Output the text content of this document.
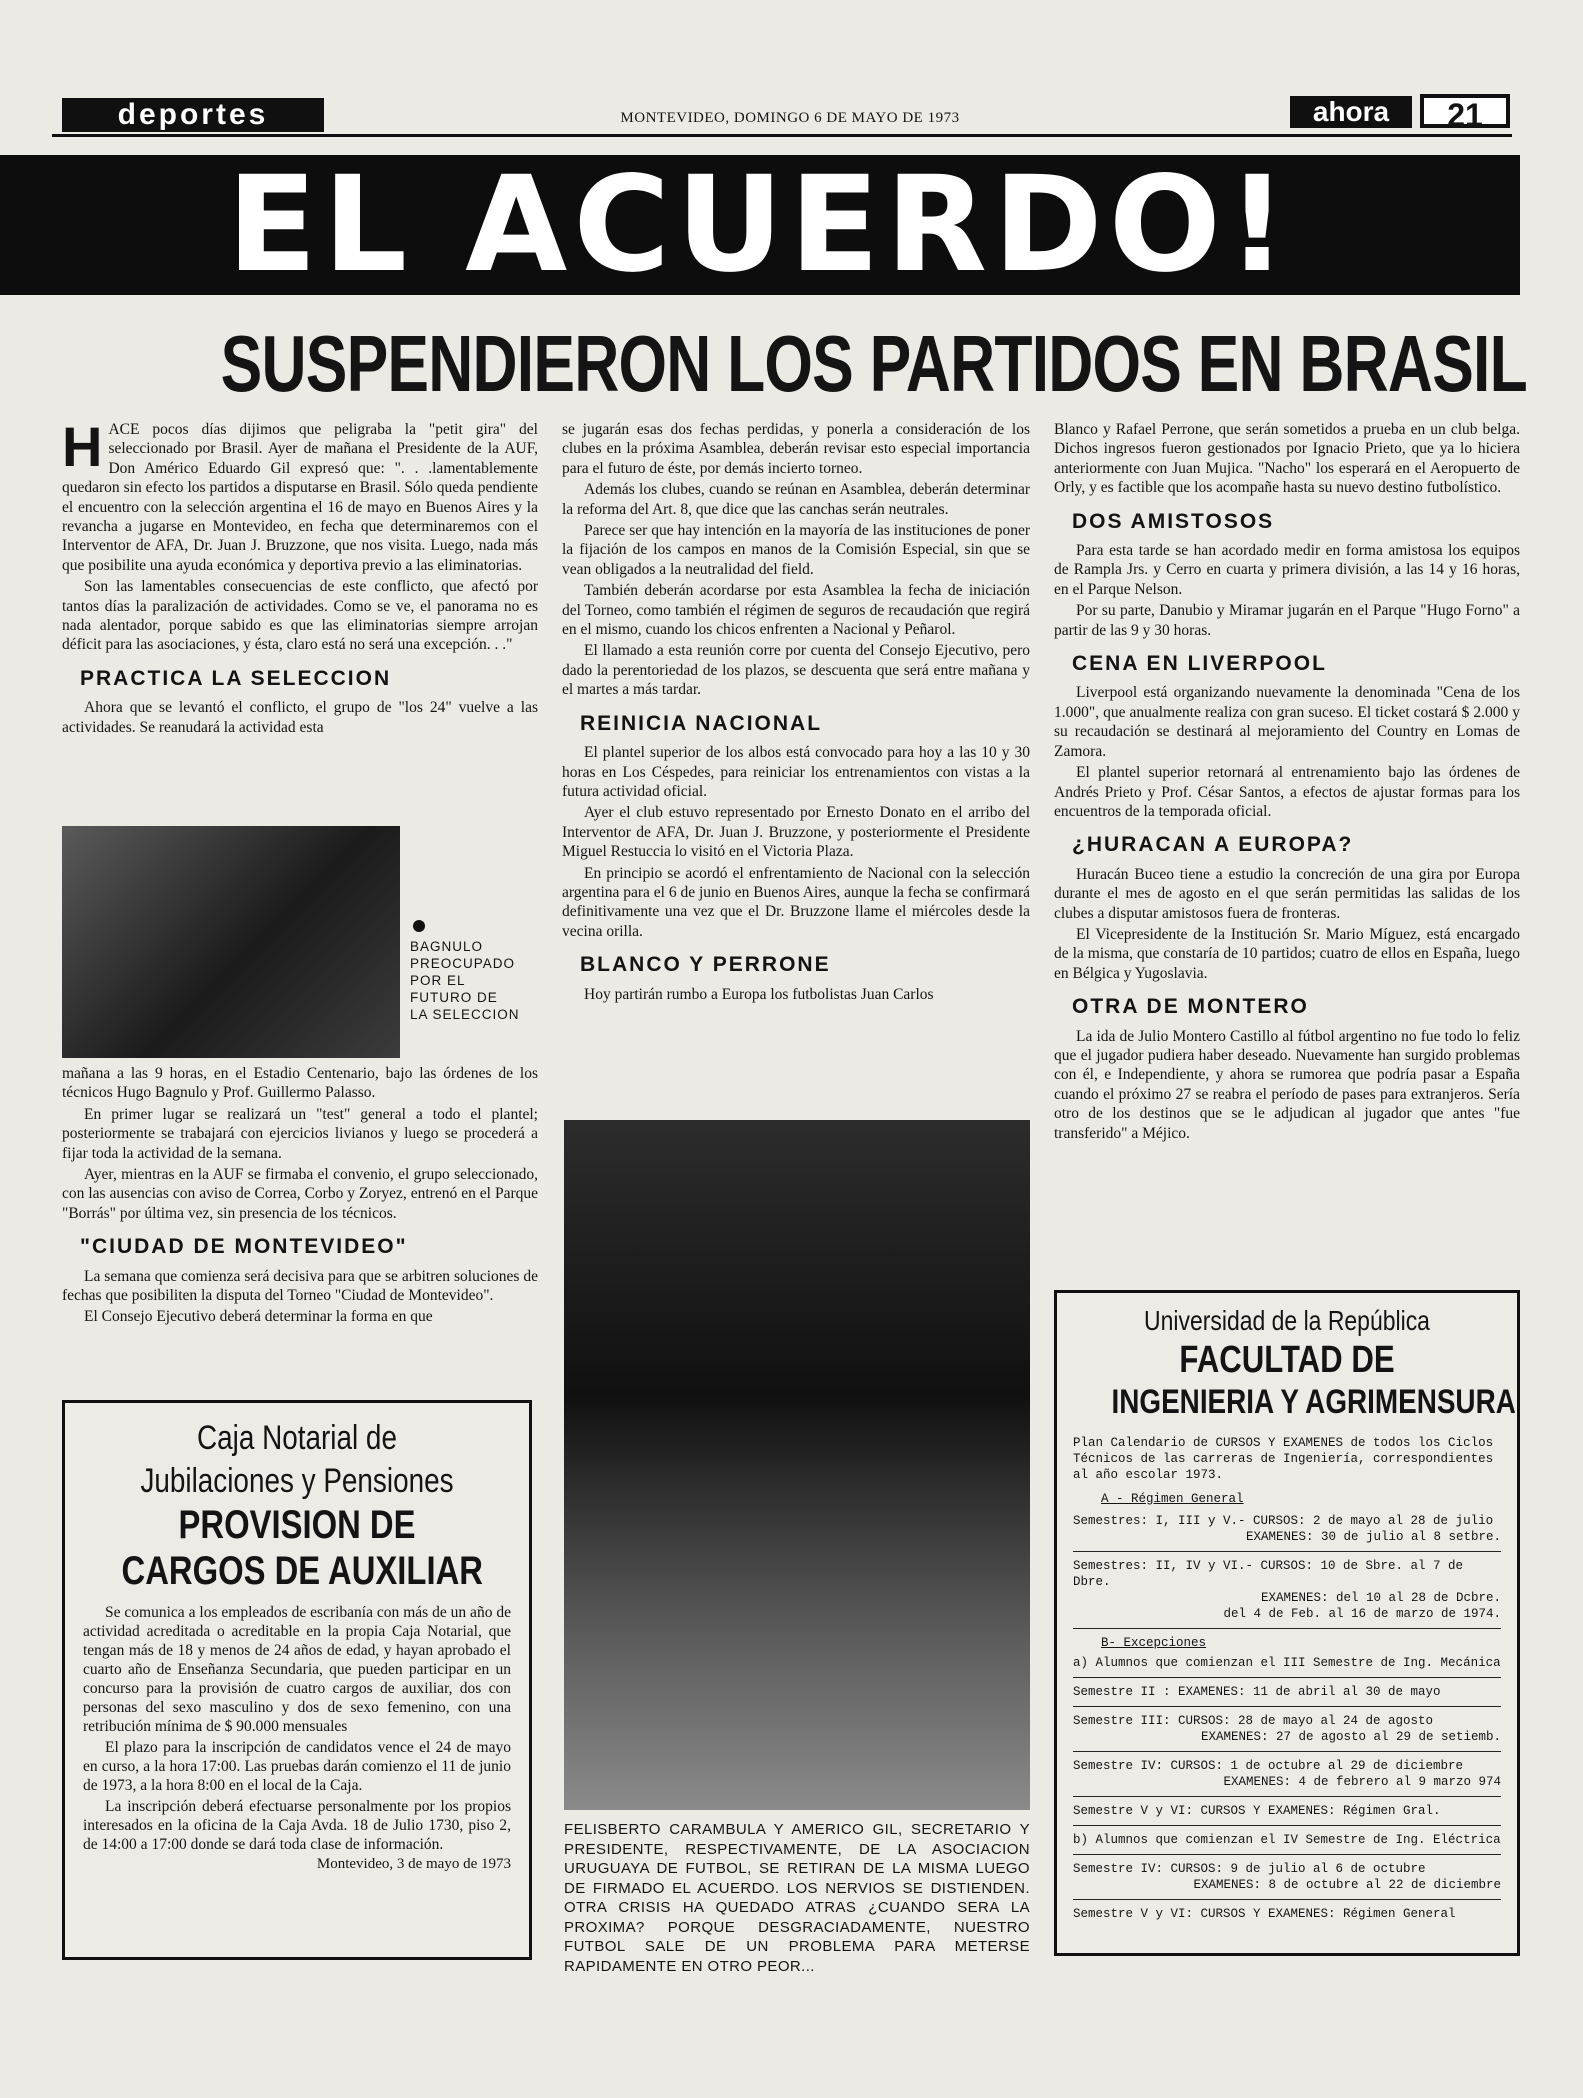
deportes	MONTEVIDEO, DOMINGO 6 DE MAYO DE 1973	ahora	21
EL ACUERDO!
SUSPENDIERON LOS PARTIDOS EN BRASIL

HACE pocos días dijimos que peligraba la "petit gira" del seleccionado por Brasil. Ayer de mañana el Presidente de la AUF, Don Américo Eduardo Gil expresó que: ". . .lamentablemente quedaron sin efecto los partidos a disputarse en Brasil. Sólo queda pendiente el encuentro con la selección argentina el 16 de mayo en Buenos Aires y la revancha a jugarse en Montevideo, en fecha que determinaremos con el Interventor de AFA, Dr. Juan J. Bruzzone, que nos visita. Luego, nada más que posibilite una ayuda económica y deportiva previo a las eliminatorias.

Son las lamentables consecuencias de este conflicto, que afectó por tantos días la paralización de actividades. Como se ve, el panorama no es nada alentador, porque sabido es que las eliminatorias siempre arrojan déficit para las asociaciones, y ésta, claro está no será una excepción. . ."

PRACTICA LA SELECCION

Ahora que se levantó el conflicto, el grupo de "los 24" vuelve a las actividades. Se reanudará la actividad esta

BAGNULO PREOCUPADO POR EL FUTURO DE LA SELECCION

mañana a las 9 horas, en el Estadio Centenario, bajo las órdenes de los técnicos Hugo Bagnulo y Prof. Guillermo Palasso.

En primer lugar se realizará un "test" general a todo el plantel; posteriormente se trabajará con ejercicios livianos y luego se procederá a fijar toda la actividad de la semana.

Ayer, mientras en la AUF se firmaba el convenio, el grupo seleccionado, con las ausencias con aviso de Correa, Corbo y Zoryez, entrenó en el Parque "Borrás" por última vez, sin presencia de los técnicos.

"CIUDAD DE MONTEVIDEO"

La semana que comienza será decisiva para que se arbitren soluciones de fechas que posibiliten la disputa del Torneo "Ciudad de Montevideo".

El Consejo Ejecutivo deberá determinar la forma en que

Caja Notarial de
Jubilaciones y Pensiones
PROVISION DE
CARGOS DE AUXILIAR

Se comunica a los empleados de escribanía con más de un año de actividad acreditada o acreditable en la propia Caja Notarial, que tengan más de 18 y menos de 24 años de edad, y hayan aprobado el cuarto año de Enseñanza Secundaria, que pueden participar en un concurso para la provisión de cuatro cargos de auxiliar, dos con personas del sexo masculino y dos de sexo femenino, con una retribución mínima de $ 90.000 mensuales

El plazo para la inscripción de candidatos vence el 24 de mayo en curso, a la hora 17:00. Las pruebas darán comienzo el 11 de junio de 1973, a la hora 8:00 en el local de la Caja.

La inscripción deberá efectuarse personalmente por los propios interesados en la oficina de la Caja Avda. 18 de Julio 1730, piso 2, de 14:00 a 17:00 donde se dará toda clase de información.

Montevideo, 3 de mayo de 1973

se jugarán esas dos fechas perdidas, y ponerla a consideración de los clubes en la próxima Asamblea, deberán revisar esto especial importancia para el futuro de éste, por demás incierto torneo.

Además los clubes, cuando se reúnan en Asamblea, deberán determinar la reforma del Art. 8, que dice que las canchas serán neutrales.

Parece ser que hay intención en la mayoría de las instituciones de poner la fijación de los campos en manos de la Comisión Especial, sin que se vean obligados a la neutralidad del field.

También deberán acordarse por esta Asamblea la fecha de iniciación del Torneo, como también el régimen de seguros de recaudación que regirá en el mismo, cuando los chicos enfrenten a Nacional y Peñarol.

El llamado a esta reunión corre por cuenta del Consejo Ejecutivo, pero dado la perentoriedad de los plazos, se descuenta que será entre mañana y el martes a más tardar.

REINICIA NACIONAL

El plantel superior de los albos está convocado para hoy a las 10 y 30 horas en Los Céspedes, para reiniciar los entrenamientos con vistas a la futura actividad oficial.

Ayer el club estuvo representado por Ernesto Donato en el arribo del Interventor de AFA, Dr. Juan J. Bruzzone, y posteriormente el Presidente Miguel Restuccia lo visitó en el Victoria Plaza.

En principio se acordó el enfrentamiento de Nacional con la selección argentina para el 6 de junio en Buenos Aires, aunque la fecha se confirmará definitivamente una vez que el Dr. Bruzzone llame el miércoles desde la vecina orilla.

BLANCO Y PERRONE

Hoy partirán rumbo a Europa los futbolistas Juan Carlos

FELISBERTO CARAMBULA Y AMERICO GIL, SECRETARIO Y PRESIDENTE, RESPECTIVAMENTE, DE LA ASOCIACION URUGUAYA DE FUTBOL, SE RETIRAN DE LA MISMA LUEGO DE FIRMADO EL ACUERDO. LOS NERVIOS SE DISTIENDEN. OTRA CRISIS HA QUEDADO ATRAS ¿CUANDO SERA LA PROXIMA? PORQUE DESGRACIADAMENTE, NUESTRO FUTBOL SALE DE UN PROBLEMA PARA METERSE RAPIDAMENTE EN OTRO PEOR...

Blanco y Rafael Perrone, que serán sometidos a prueba en un club belga. Dichos ingresos fueron gestionados por Ignacio Prieto, que ya lo hiciera anteriormente con Juan Mujica. "Nacho" los esperará en el Aeropuerto de Orly, y es factible que los acompañe hasta su nuevo destino futbolístico.

DOS AMISTOSOS

Para esta tarde se han acordado medir en forma amistosa los equipos de Rampla Jrs. y Cerro en cuarta y primera división, a las 14 y 16 horas, en el Parque Nelson.

Por su parte, Danubio y Miramar jugarán en el Parque "Hugo Forno" a partir de las 9 y 30 horas.

CENA EN LIVERPOOL

Liverpool está organizando nuevamente la denominada "Cena de los 1.000", que anualmente realiza con gran suceso. El ticket costará $ 2.000 y su recaudación se destinará al mejoramiento del Country en Lomas de Zamora.

El plantel superior retornará al entrenamiento bajo las órdenes de Andrés Prieto y Prof. César Santos, a efectos de ajustar formas para los encuentros de la temporada oficial.

¿HURACAN A EUROPA?

Huracán Buceo tiene a estudio la concreción de una gira por Europa durante el mes de agosto en el que serán permitidas las salidas de los clubes a disputar amistosos fuera de fronteras.

El Vicepresidente de la Institución Sr. Mario Míguez, está encargado de la misma, que constaría de 10 partidos; cuatro de ellos en España, luego en Bélgica y Yugoslavia.

OTRA DE MONTERO

La ida de Julio Montero Castillo al fútbol argentino no fue todo lo feliz que el jugador pudiera haber deseado. Nuevamente han surgido problemas con él, e Independiente, y ahora se rumorea que podría pasar a España cuando el próximo 27 se reabra el período de pases para extranjeros. Sería otro de los destinos que se le adjudican al jugador que antes "fue transferido" a Méjico.

Universidad de la República
FACULTAD DE
INGENIERIA Y AGRIMENSURA
Plan Calendario de CURSOS Y EXAMENES de todos los Ciclos Técnicos de las carreras de Ingeniería, correspondientes al año escolar 1973.
A - Régimen General
Semestres: I, III y V.- CURSOS: 2 de mayo al 28 de julio
EXAMENES: 30 de julio al 8 setbre.
Semestres: II, IV y VI.- CURSOS: 10 de Sbre. al 7 de Dbre.
EXAMENES: del 10 al 28 de Dcbre.
del 4 de Feb. al 16 de marzo de 1974.
B- Excepciones
a) Alumnos que comienzan el III Semestre de Ing. Mecánica
Semestre II : EXAMENES: 11 de abril al 30 de mayo
Semestre III: CURSOS: 28 de mayo al 24 de agosto
EXAMENES: 27 de agosto al 29 de setiemb.
Semestre IV: CURSOS: 1 de octubre al 29 de diciembre
EXAMENES: 4 de febrero al 9 marzo 974
Semestre V y VI: CURSOS Y EXAMENES: Régimen Gral.
b) Alumnos que comienzan el IV Semestre de Ing. Eléctrica
Semestre IV: CURSOS: 9 de julio al 6 de octubre
EXAMENES: 8 de octubre al 22 de diciembre
Semestre V y VI: CURSOS Y EXAMENES: Régimen General
